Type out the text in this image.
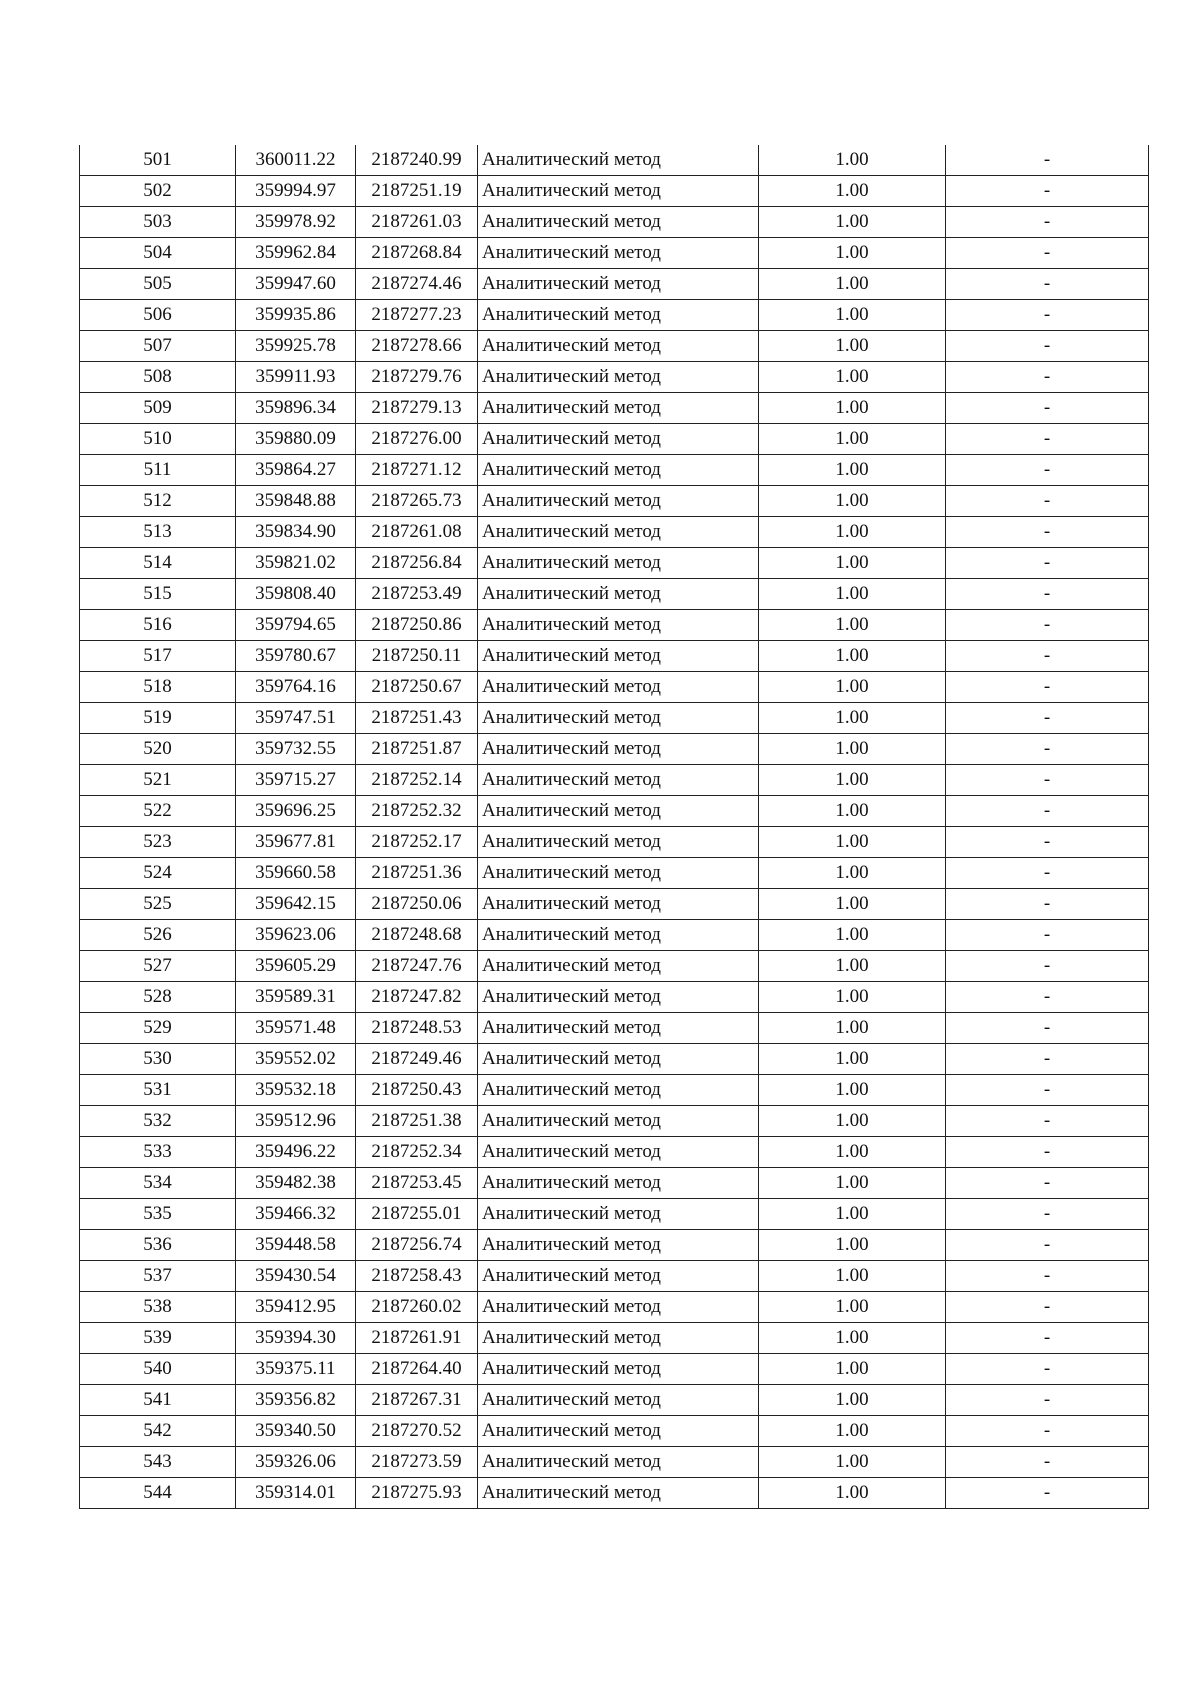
501	360011.22	2187240.99	Аналитический метод	1.00	-
502	359994.97	2187251.19	Аналитический метод	1.00	-
503	359978.92	2187261.03	Аналитический метод	1.00	-
504	359962.84	2187268.84	Аналитический метод	1.00	-
505	359947.60	2187274.46	Аналитический метод	1.00	-
506	359935.86	2187277.23	Аналитический метод	1.00	-
507	359925.78	2187278.66	Аналитический метод	1.00	-
508	359911.93	2187279.76	Аналитический метод	1.00	-
509	359896.34	2187279.13	Аналитический метод	1.00	-
510	359880.09	2187276.00	Аналитический метод	1.00	-
511	359864.27	2187271.12	Аналитический метод	1.00	-
512	359848.88	2187265.73	Аналитический метод	1.00	-
513	359834.90	2187261.08	Аналитический метод	1.00	-
514	359821.02	2187256.84	Аналитический метод	1.00	-
515	359808.40	2187253.49	Аналитический метод	1.00	-
516	359794.65	2187250.86	Аналитический метод	1.00	-
517	359780.67	2187250.11	Аналитический метод	1.00	-
518	359764.16	2187250.67	Аналитический метод	1.00	-
519	359747.51	2187251.43	Аналитический метод	1.00	-
520	359732.55	2187251.87	Аналитический метод	1.00	-
521	359715.27	2187252.14	Аналитический метод	1.00	-
522	359696.25	2187252.32	Аналитический метод	1.00	-
523	359677.81	2187252.17	Аналитический метод	1.00	-
524	359660.58	2187251.36	Аналитический метод	1.00	-
525	359642.15	2187250.06	Аналитический метод	1.00	-
526	359623.06	2187248.68	Аналитический метод	1.00	-
527	359605.29	2187247.76	Аналитический метод	1.00	-
528	359589.31	2187247.82	Аналитический метод	1.00	-
529	359571.48	2187248.53	Аналитический метод	1.00	-
530	359552.02	2187249.46	Аналитический метод	1.00	-
531	359532.18	2187250.43	Аналитический метод	1.00	-
532	359512.96	2187251.38	Аналитический метод	1.00	-
533	359496.22	2187252.34	Аналитический метод	1.00	-
534	359482.38	2187253.45	Аналитический метод	1.00	-
535	359466.32	2187255.01	Аналитический метод	1.00	-
536	359448.58	2187256.74	Аналитический метод	1.00	-
537	359430.54	2187258.43	Аналитический метод	1.00	-
538	359412.95	2187260.02	Аналитический метод	1.00	-
539	359394.30	2187261.91	Аналитический метод	1.00	-
540	359375.11	2187264.40	Аналитический метод	1.00	-
541	359356.82	2187267.31	Аналитический метод	1.00	-
542	359340.50	2187270.52	Аналитический метод	1.00	-
543	359326.06	2187273.59	Аналитический метод	1.00	-
544	359314.01	2187275.93	Аналитический метод	1.00	-
